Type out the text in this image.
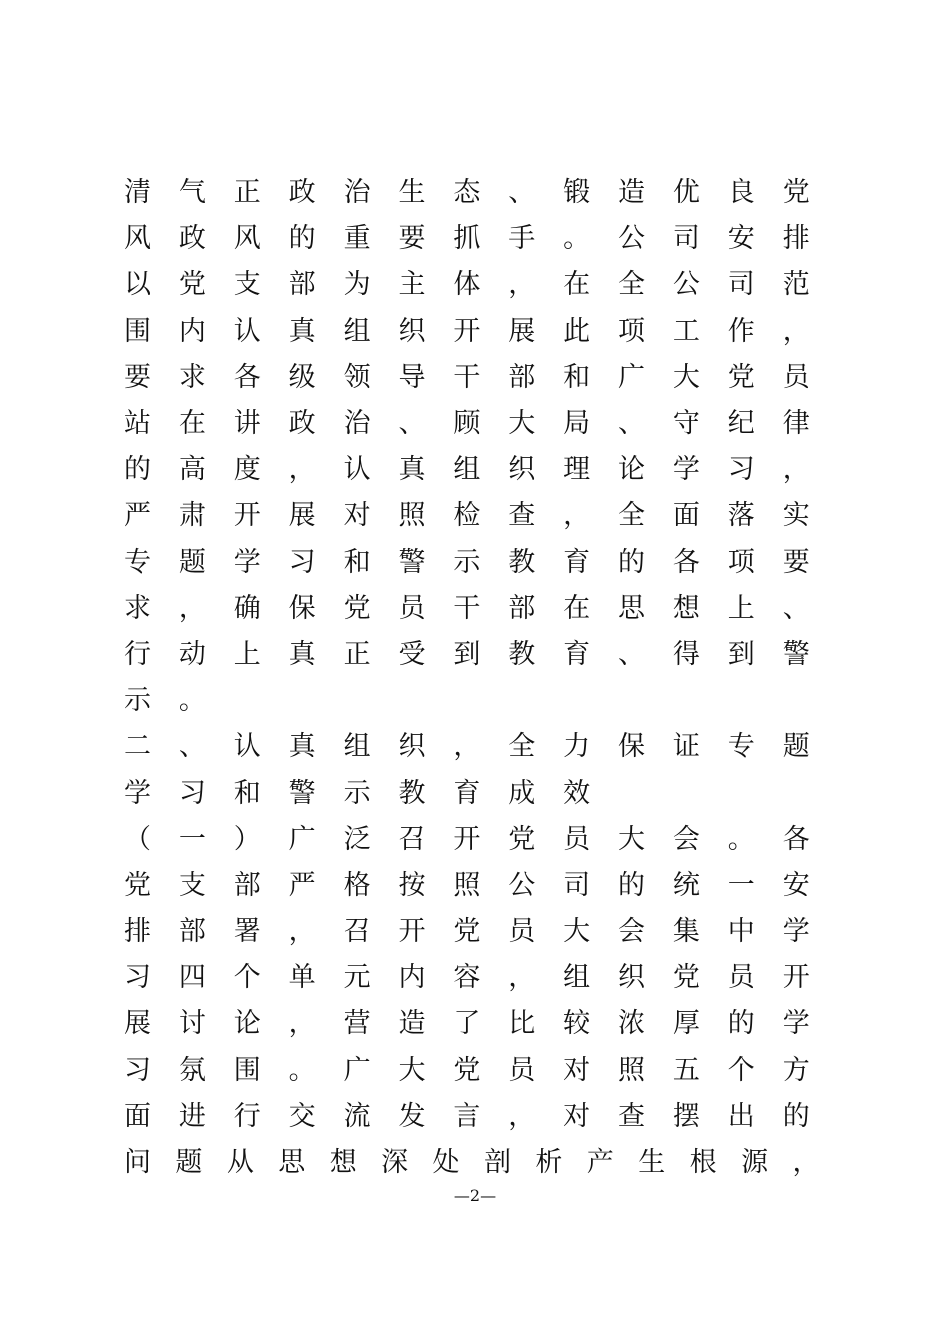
清	气	正	政	治	生	态	、	锻	造	优	良	党
风	政	风	的	重	要	抓	手	。	公	司	安	排
以	党	支	部	为	主	体	，	在	全	公	司	范
围	内	认	真	组	织	开	展	此	项	工	作	，
要	求	各	级	领	导	干	部	和	广	大	党	员
站	在	讲	政	治	、	顾	大	局	、	守	纪	律
的	高	度	，	认	真	组	织	理	论	学	习	，
严	肃	开	展	对	照	检	查	，	全	面	落	实
专	题	学	习	和	警	示	教	育	的	各	项	要
求	，	确	保	党	员	干	部	在	思	想	上	、
行	动	上	真	正	受	到	教	育	、	得	到	警
示	。
二	、	认	真	组	织	，	全	力	保	证	专	题
学	习	和	警	示	教	育	成	效
（	一	）	广	泛	召	开	党	员	大	会	。	各
党	支	部	严	格	按	照	公	司	的	统	一	安
排	部	署	，	召	开	党	员	大	会	集	中	学
习	四	个	单	元	内	容	，	组	织	党	员	开
展	讨	论	，	营	造	了	比	较	浓	厚	的	学
习	氛	围	。	广	大	党	员	对	照	五	个	方
面	进	行	交	流	发	言	，	对	查	摆	出	的
问 题 从 思 想 深 处 剖 析 产 生 根 源 ，
—2—
